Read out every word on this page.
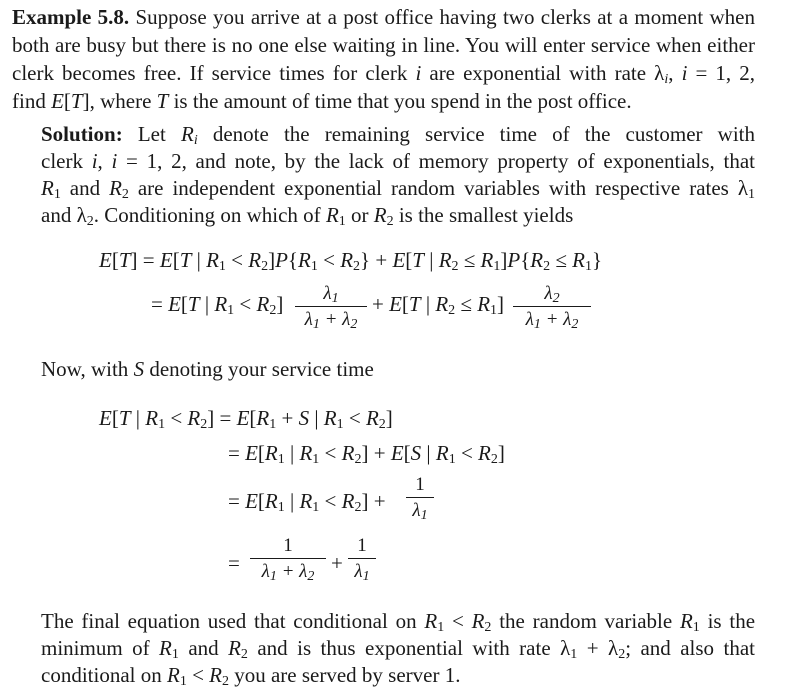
Example 5.8. Suppose you arrive at a post office having two clerks at a moment when
both are busy but there is no one else waiting in line. You will enter service when either
clerk becomes free. If service times for clerk i are exponential with rate $\lambda_i$, i = 1, 2,
find E[T], where T is the amount of time that you spend in the post office.
Solution: Let $R_i$ denote the remaining service time of the customer with
clerk i, i = 1, 2, and note, by the lack of memory property of exponentials, that
$R_1$ and $R_2$ are independent exponential random variables with respective rates $\lambda_1$
and $\lambda_2$. Conditioning on which of $R_1$ or $R_2$ is the smallest yields
E[T] = E[T | $R_1 < R_2]P\{R_1 < R_2\} + E[T$ | $R_2 \le R_1]P\{R_2 \le R_1\}$
= E[T | $R_1 < R_2$]	$\lambda_1$
$\lambda_1 + \lambda_2$
+ E[T | $R_2 \le R_1$]	$\lambda_2$
$\lambda_1 + \lambda_2$
Now, with S denoting your service time
E[T | $R_1 < R_2] = E[R_1 + S$ | $R_1 < R_2$]
= $E[R_1$ | $R_1 < R_2] + E[S$ | $R_1 < R_2$]
= $E[R_1$ | $R_1 < R_2$] +
1
$\lambda_1$
=
1
$\lambda_1 + \lambda_2$
+
1
$\lambda_1$
The final equation used that conditional on $R_1 < R_2$ the random variable $R_1$ is the
minimum of $R_1$ and $R_2$ and is thus exponential with rate $\lambda_1 + \lambda_2$; and also that
conditional on $R_1 < R_2$ you are served by server 1.
